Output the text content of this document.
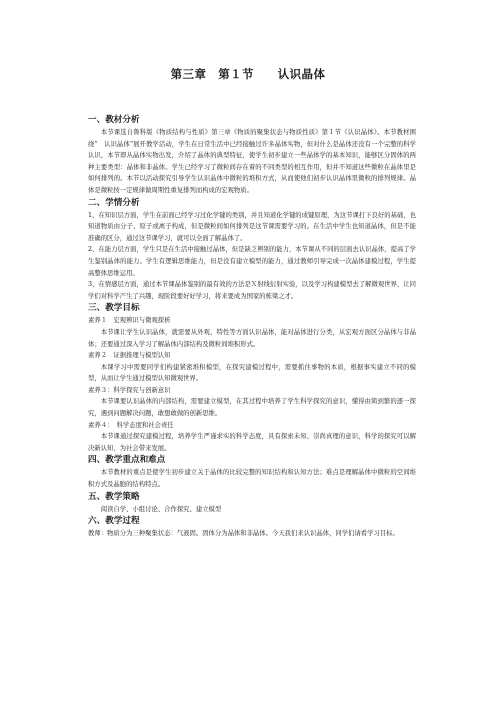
第三章　第１节　　认识晶体

一、教材分析

本节课选自鲁科版《物质结构与性质》第三章《物质的聚集状态与物质性质》第１节《认识晶体》。本节教材围绕“　认识晶体”展开教学活动，学生在日常生活中已经接触过许多晶体实物，但对什么是晶体还没有一个完整的科学认识，本节即从晶体实物出发，介绍了晶体的典型特征，使学生初步建立一些晶体学的基本知识，能够区分固体的两种主要类型：晶体和非晶体。学生已经学习了微粒间存在着的不同类型的相互作用，但并不知道这些微粒在晶体里是如何排列的。本节以活动探究引导学生认识晶体中微粒的堆积方式，从而使他们初步认识晶体里微粒的排列规律。晶体是微粒按一定规律做周期性重复排列而构成的宏观物质。

二、学情分析

1、在知识层方面，学生在前面已经学习过化学键的类别，并且知道化学键的成键原理，为这节课打下良好的基础，也知道物质由分子、原子或离子构成，但是微粒间如何排列是这节课需要学习的。在生活中学生也知道晶体，但是不能准确的区分，通过这节课学习，就可以全面了解晶体了。

2、在能力层方面，学生只是在生活中接触过晶体，但是缺乏辨别的能力，本节课从不同的层面去认识晶体，提高了学生鉴别晶体的能力。学生有逻辑思维能力，但是没有建立模型的能力，通过教师引导完成一次晶体建模过程，学生提高整体思维运用。

3、在情感层方面，通过本节课晶体鉴别的最有效的方法是Ｘ射线衍射实验，以及学习构建模型去了解微观世界，让同学们对科学产生了兴趣，现阶段要好好学习，将来要成为国家的栋梁之才。

三、教学目标

素养１　宏观辨识与微观探析

本节课让学生认识晶体，就需要从外观、特性等方面认识晶体，能对晶体进行分类，从宏观方面区分晶体与非晶体；还要通过深入学习了解晶体内部结构及微粒间堆积形式。

素养２　证据推理与模型认知

本课学习中需要同学们构建紧密堆积模型，在探究建模过程中，需要抓住事物的本质，根据事实建立不同的模型，从而让学生通过模型认知微观世界。

素养３：科学探究与创新意识

本节课要认识晶体的内部结构，需要建立模型，在其过程中培养了学生科学探究的意识，懂得由简到繁的逐一探究，遇到问题解决问题，敢想敢做的创新思维。

素养４：　科学态度和社会责任

本节课通过探究建模过程，培养学生严谨求实的科学态度，具有探索未知、崇尚真理的意识，科学的探究可以解决新认知，为社会带来发展。

四、教学重点和难点

本节教材的重点是使学生初步建立关于晶体的比较完整的知识结构和认知方法；难点是理解晶体中微粒的空间堆积方式及晶胞的结构特点。

五、教学策略

阅读自学、小组讨论、合作探究、建立模型

六、教学过程

教师：物质分为三种聚集状态：气液固。固体分为晶体和非晶体。今天我们来认识晶体，同学们请看学习目标。
